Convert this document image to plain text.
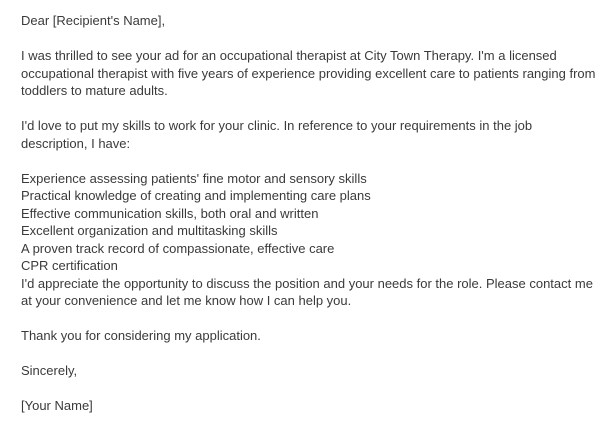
Dear [Recipient's Name],

I was thrilled to see your ad for an occupational therapist at City Town Therapy. I'm a licensed occupational therapist with five years of experience providing excellent care to patients ranging from toddlers to mature adults.

I'd love to put my skills to work for your clinic. In reference to your requirements in the job description, I have:

Experience assessing patients' fine motor and sensory skills
Practical knowledge of creating and implementing care plans
Effective communication skills, both oral and written
Excellent organization and multitasking skills
A proven track record of compassionate, effective care
CPR certification

I'd appreciate the opportunity to discuss the position and your needs for the role. Please contact me at your convenience and let me know how I can help you.

Thank you for considering my application.

Sincerely,

[Your Name]
